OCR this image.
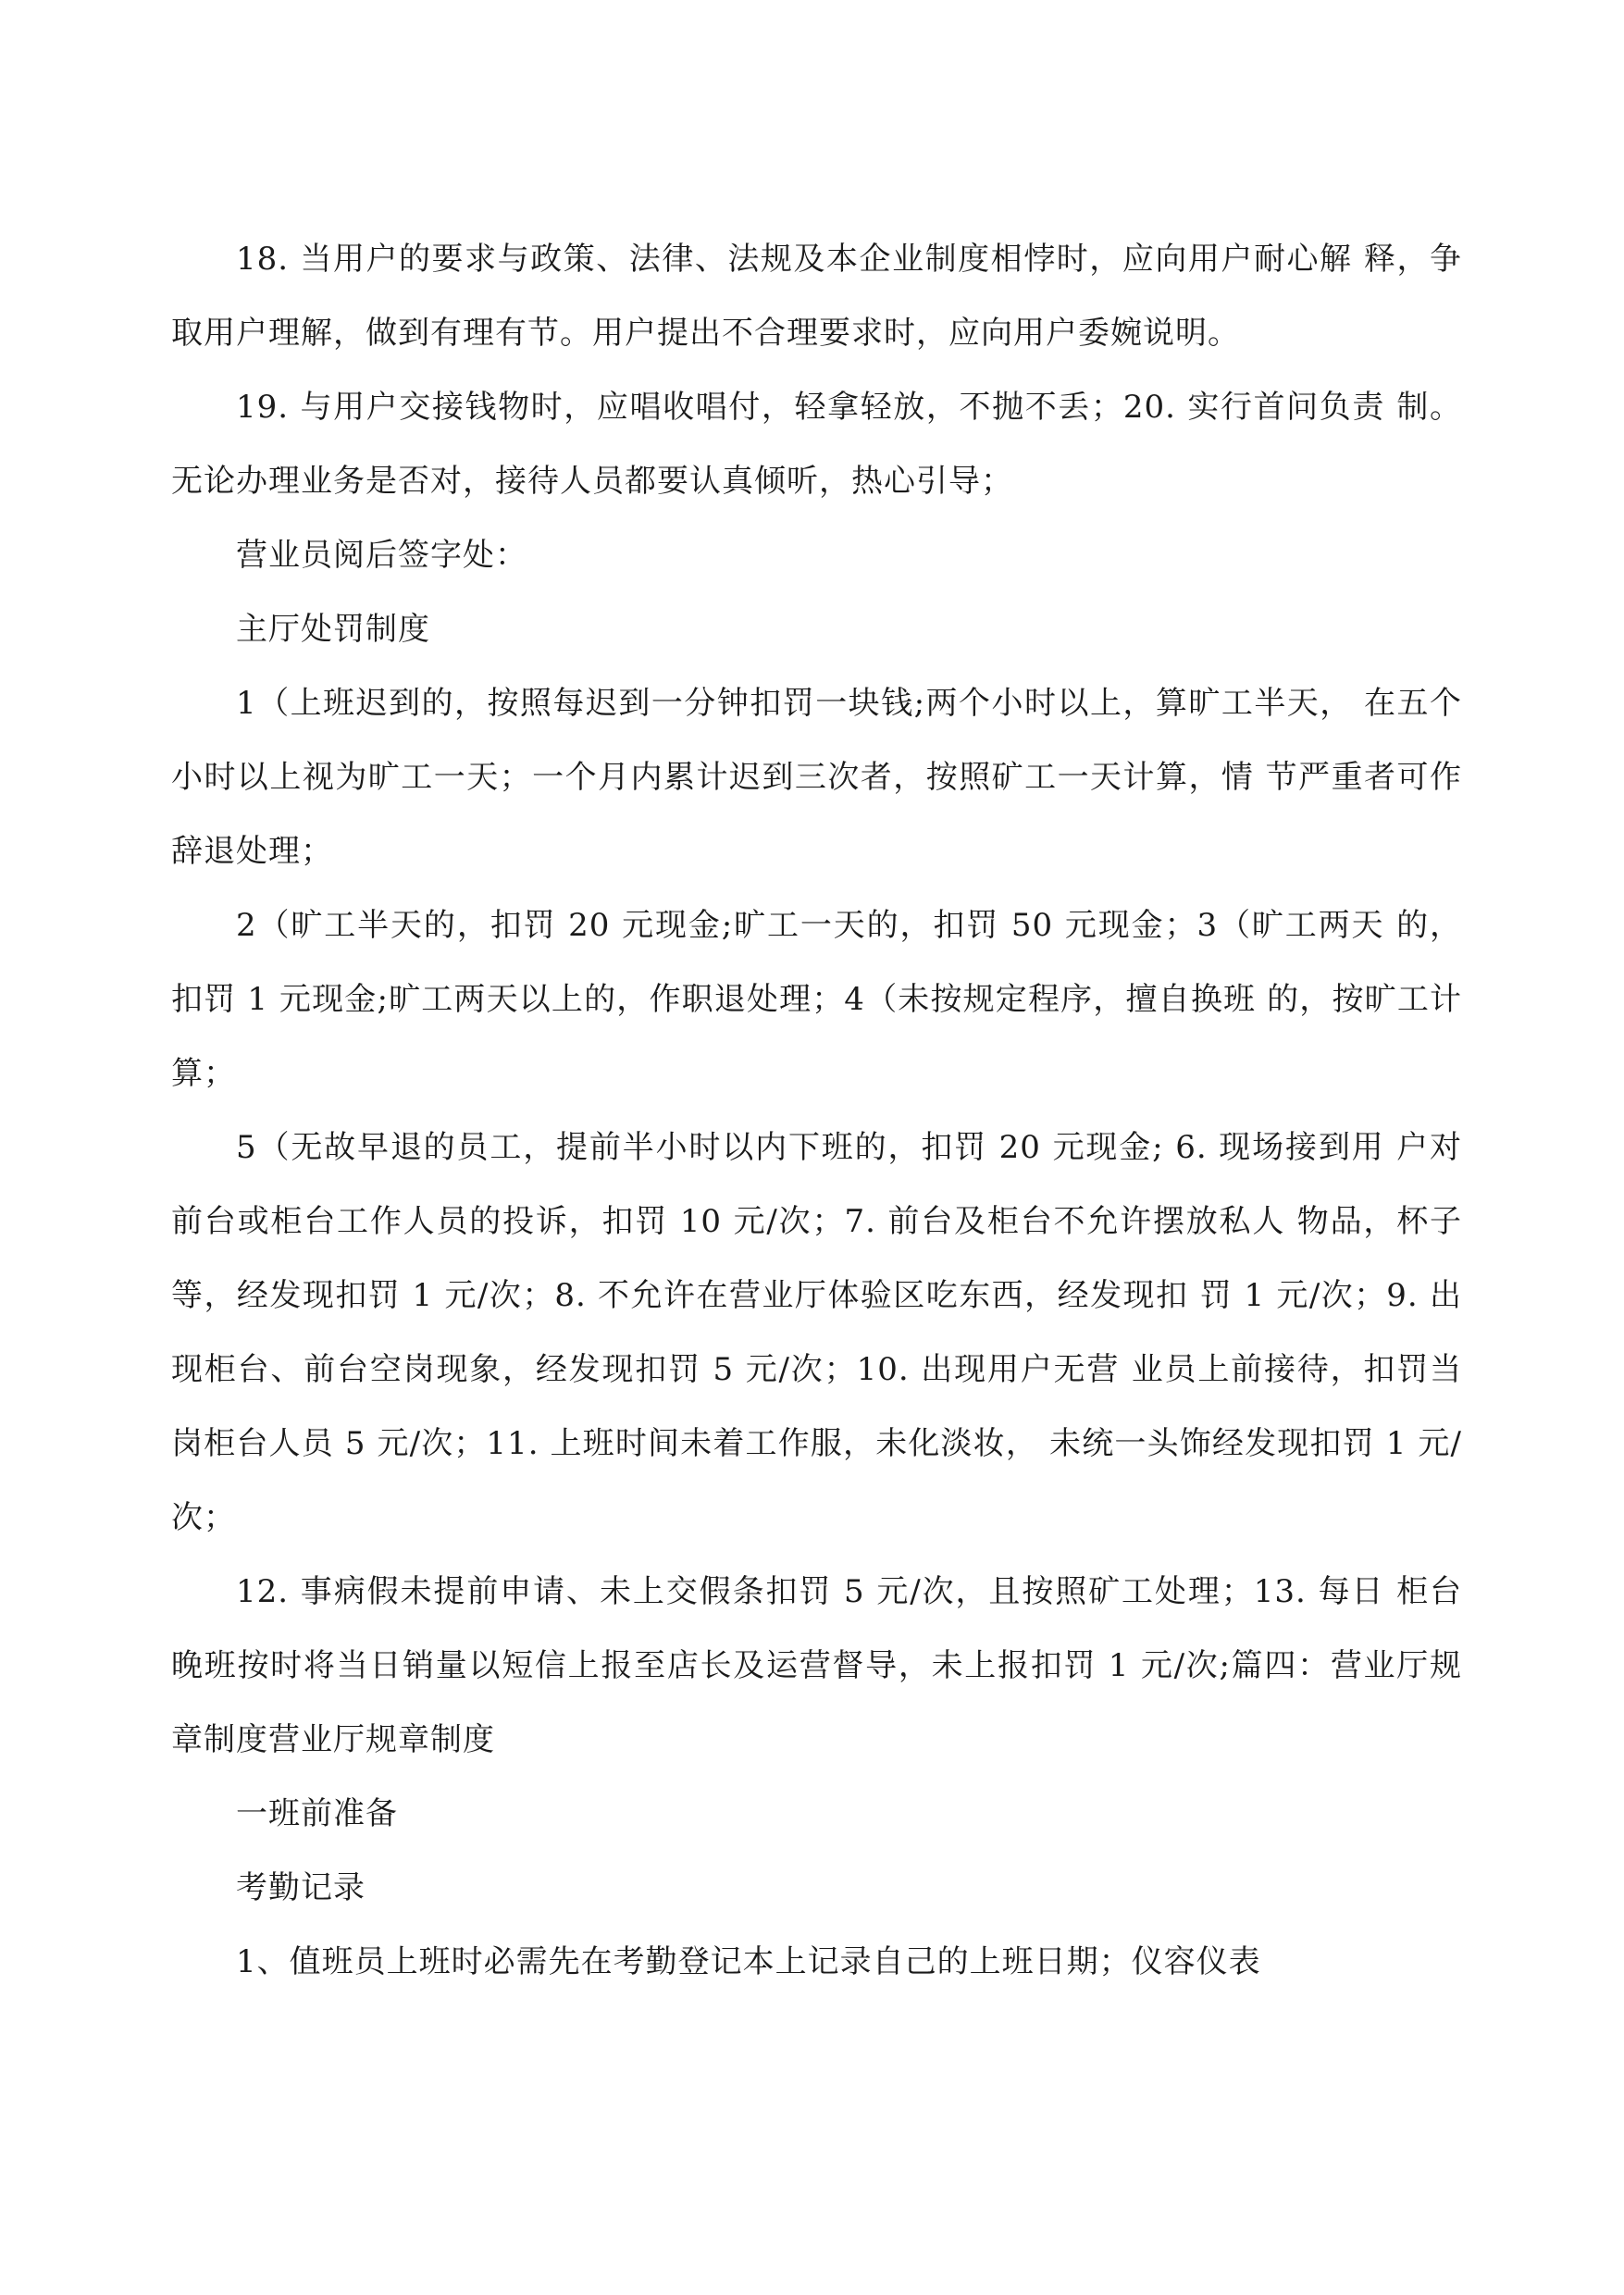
18. 当用户的要求与政策、法律、法规及本企业制度相悖时，应向用户耐心解 释，争取用户理解，做到有理有节。用户提出不合理要求时，应向用户委婉说明。

19. 与用户交接钱物时，应唱收唱付，轻拿轻放，不抛不丢；20. 实行首问负责 制。无论办理业务是否对，接待人员都要认真倾听，热心引导；

营业员阅后签字处：

主厅处罚制度

1（上班迟到的，按照每迟到一分钟扣罚一块钱;两个小时以上，算旷工半天， 在五个小时以上视为旷工一天；一个月内累计迟到三次者，按照矿工一天计算，情 节严重者可作辞退处理；

2（旷工半天的，扣罚 20 元现金;旷工一天的，扣罚 50 元现金；3（旷工两天 的，扣罚 1 元现金;旷工两天以上的，作职退处理；4（未按规定程序，擅自换班 的，按旷工计算；

5（无故早退的员工，提前半小时以内下班的，扣罚 20 元现金; 6. 现场接到用 户对前台或柜台工作人员的投诉，扣罚 10 元/次；7. 前台及柜台不允许摆放私人 物品，杯子等，经发现扣罚 1 元/次；8. 不允许在营业厅体验区吃东西，经发现扣 罚 1 元/次；9. 出现柜台、前台空岗现象，经发现扣罚 5 元/次；10. 出现用户无营 业员上前接待，扣罚当岗柜台人员 5 元/次；11. 上班时间未着工作服，未化淡妆， 未统一头饰经发现扣罚 1 元/次；

12. 事病假未提前申请、未上交假条扣罚 5 元/次，且按照矿工处理；13. 每日 柜台晚班按时将当日销量以短信上报至店长及运营督导，未上报扣罚 1 元/次;篇四：营业厅规章制度营业厅规章制度

一班前准备

考勤记录

1、值班员上班时必需先在考勤登记本上记录自己的上班日期；仪容仪表
